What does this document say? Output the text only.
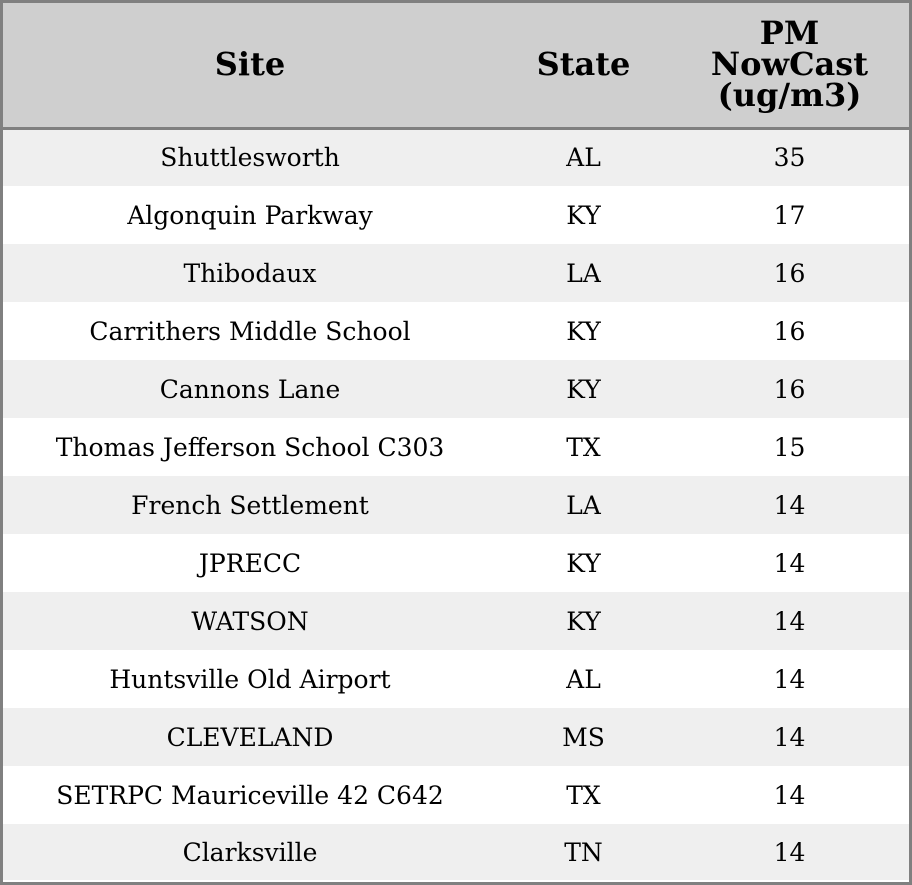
Site	State	PM
NowCast
(ug/m3)
Shuttlesworth	AL	35
Algonquin Parkway	KY	17
Thibodaux	LA	16
Carrithers Middle School	KY	16
Cannons Lane	KY	16
Thomas Jefferson School C303	TX	15
French Settlement	LA	14
JPRECC	KY	14
WATSON	KY	14
Huntsville Old Airport	AL	14
CLEVELAND	MS	14
SETRPC Mauriceville 42 C642	TX	14
Clarksville	TN	14
